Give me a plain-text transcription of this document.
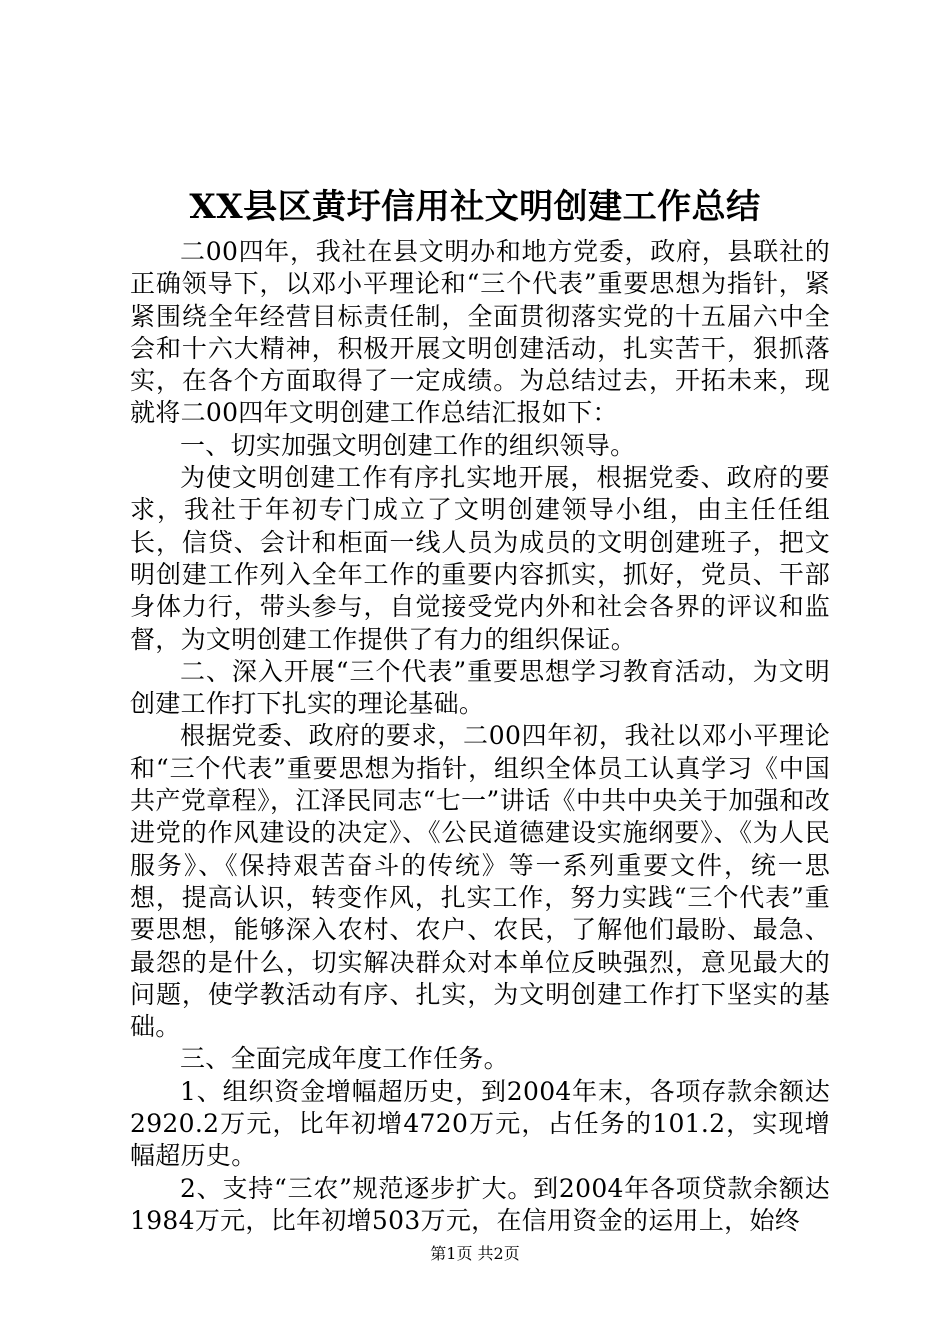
XX县区黄圩信用社文明创建工作总结

二00四年，我社在县文明办和地方党委，政府，县联社的正确领导下，以邓小平理论和“三个代表”重要思想为指针，紧紧围绕全年经营目标责任制，全面贯彻落实党的十五届六中全会和十六大精神，积极开展文明创建活动，扎实苦干，狠抓落实，在各个方面取得了一定成绩。为总结过去，开拓未来，现就将二00四年文明创建工作总结汇报如下：

一、切实加强文明创建工作的组织领导。

为使文明创建工作有序扎实地开展，根据党委、政府的要求，我社于年初专门成立了文明创建领导小组，由主任任组长，信贷、会计和柜面一线人员为成员的文明创建班子，把文明创建工作列入全年工作的重要内容抓实，抓好，党员、干部身体力行，带头参与，自觉接受党内外和社会各界的评议和监督，为文明创建工作提供了有力的组织保证。

二、深入开展“三个代表”重要思想学习教育活动，为文明创建工作打下扎实的理论基础。

根据党委、政府的要求，二00四年初，我社以邓小平理论和“三个代表”重要思想为指针，组织全体员工认真学习《中国共产党章程》，江泽民同志“七一”讲话《中共中央关于加强和改进党的作风建设的决定》、《公民道德建设实施纲要》、《为人民服务》、《保持艰苦奋斗的传统》等一系列重要文件，统一思想，提高认识，转变作风，扎实工作，努力实践“三个代表”重要思想，能够深入农村、农户、农民，了解他们最盼、最急、最怨的是什么，切实解决群众对本单位反映强烈，意见最大的问题，使学教活动有序、扎实，为文明创建工作打下坚实的基础。

三、全面完成年度工作任务。

1、组织资金增幅超历史，到2004年末，各项存款余额达2920.2万元，比年初增4720万元，占任务的101.2，实现增幅超历史。

2、支持“三农”规范逐步扩大。到2004年各项贷款余额达1984万元，比年初增503万元，在信用资金的运用上，始终

第1页 共2页
